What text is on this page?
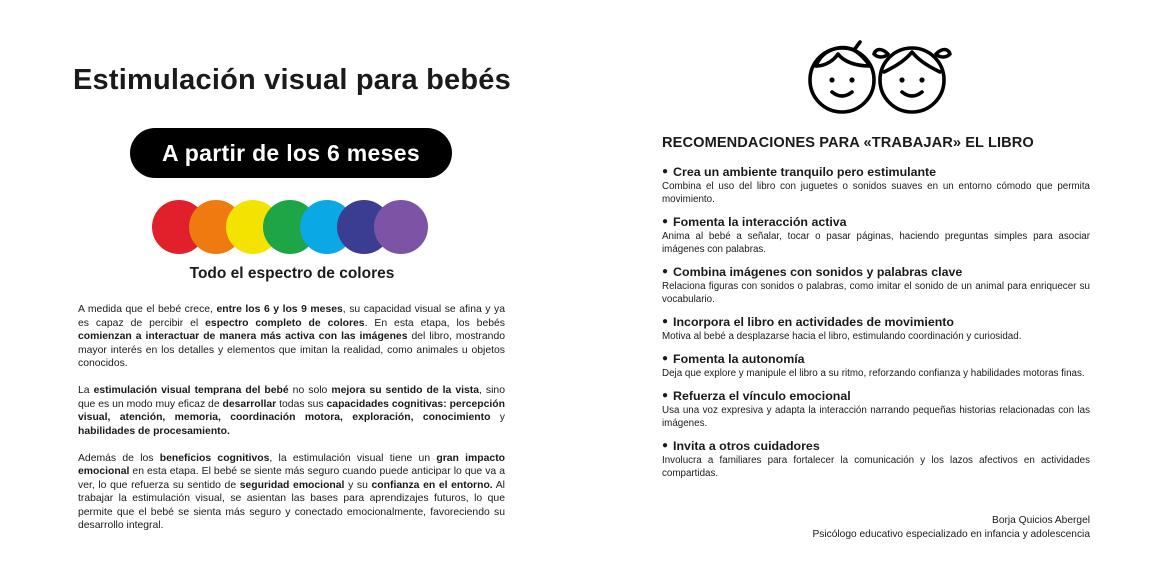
Estimulación visual para bebés
A partir de los 6 meses
Todo el espectro de colores

A medida que el bebé crece, entre los 6 y los 9 meses, su capacidad visual se afina y ya es capaz de percibir el espectro completo de colores. En esta etapa, los bebés comienzan a interactuar de manera más activa con las imágenes del libro, mostrando mayor interés en los detalles y elementos que imitan la realidad, como animales u objetos conocidos.

La estimulación visual temprana del bebé no solo mejora su sentido de la vista, sino que es un modo muy eficaz de desarrollar todas sus capacidades cognitivas: percepción visual, atención, memoria, coordinación motora, exploración, conocimiento y habilidades de procesamiento.

Además de los beneficios cognitivos, la estimulación visual tiene un gran impacto emocional en esta etapa. El bebé se siente más seguro cuando puede anticipar lo que va a ver, lo que refuerza su sentido de seguridad emocional y su confianza en el entorno. Al trabajar la estimulación visual, se asientan las bases para aprendizajes futuros, lo que permite que el bebé se sienta más seguro y conectado emocionalmente, favoreciendo su desarrollo integral.

RECOMENDACIONES PARA «TRABAJAR» EL LIBRO
● Crea un ambiente tranquilo pero estimulante
Combina el uso del libro con juguetes o sonidos suaves en un entorno cómodo que permita movimiento.
● Fomenta la interacción activa
Anima al bebé a señalar, tocar o pasar páginas, haciendo preguntas simples para asociar imágenes con palabras.
● Combina imágenes con sonidos y palabras clave
Relaciona figuras con sonidos o palabras, como imitar el sonido de un animal para enriquecer su vocabulario.
● Incorpora el libro en actividades de movimiento
Motiva al bebé a desplazarse hacia el libro, estimulando coordinación y curiosidad.
● Fomenta la autonomía
Deja que explore y manipule el libro a su ritmo, reforzando confianza y habilidades motoras finas.
● Refuerza el vínculo emocional
Usa una voz expresiva y adapta la interacción narrando pequeñas historias relacionadas con las imágenes.
● Invita a otros cuidadores
Involucra a familiares para fortalecer la comunicación y los lazos afectivos en actividades compartidas.
Borja Quicios Abergel
Psicólogo educativo especializado en infancia y adolescencia
